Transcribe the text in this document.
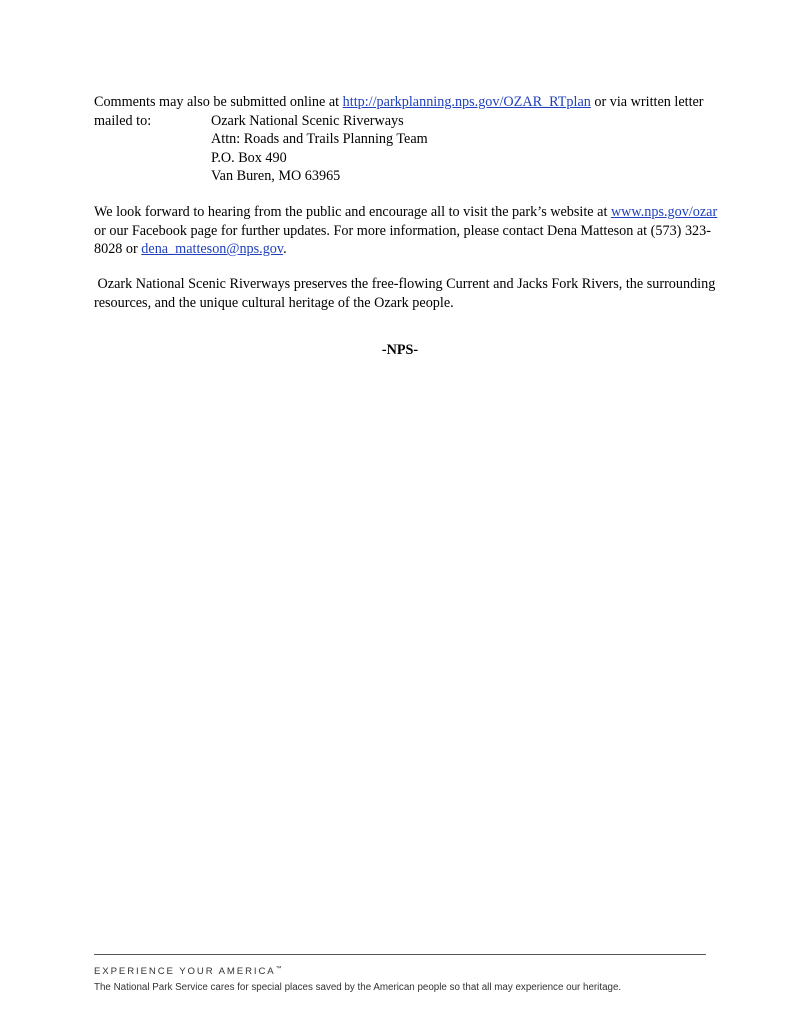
Comments may also be submitted online at http://parkplanning.nps.gov/OZAR_RTplan or via written letter
mailed to:	Ozark National Scenic Riverways
Attn: Roads and Trails Planning Team
P.O. Box 490
Van Buren, MO 63965
We look forward to hearing from the public and encourage all to visit the park’s website at www.nps.gov/ozar
or our Facebook page for further updates. For more information, please contact Dena Matteson at (573) 323-
8028 or dena_matteson@nps.gov.
Ozark National Scenic Riverways preserves the free-flowing Current and Jacks Fork Rivers, the surrounding
resources, and the unique cultural heritage of the Ozark people.
-NPS-
EXPERIENCE YOUR AMERICA™
The National Park Service cares for special places saved by the American people so that all may experience our heritage.
